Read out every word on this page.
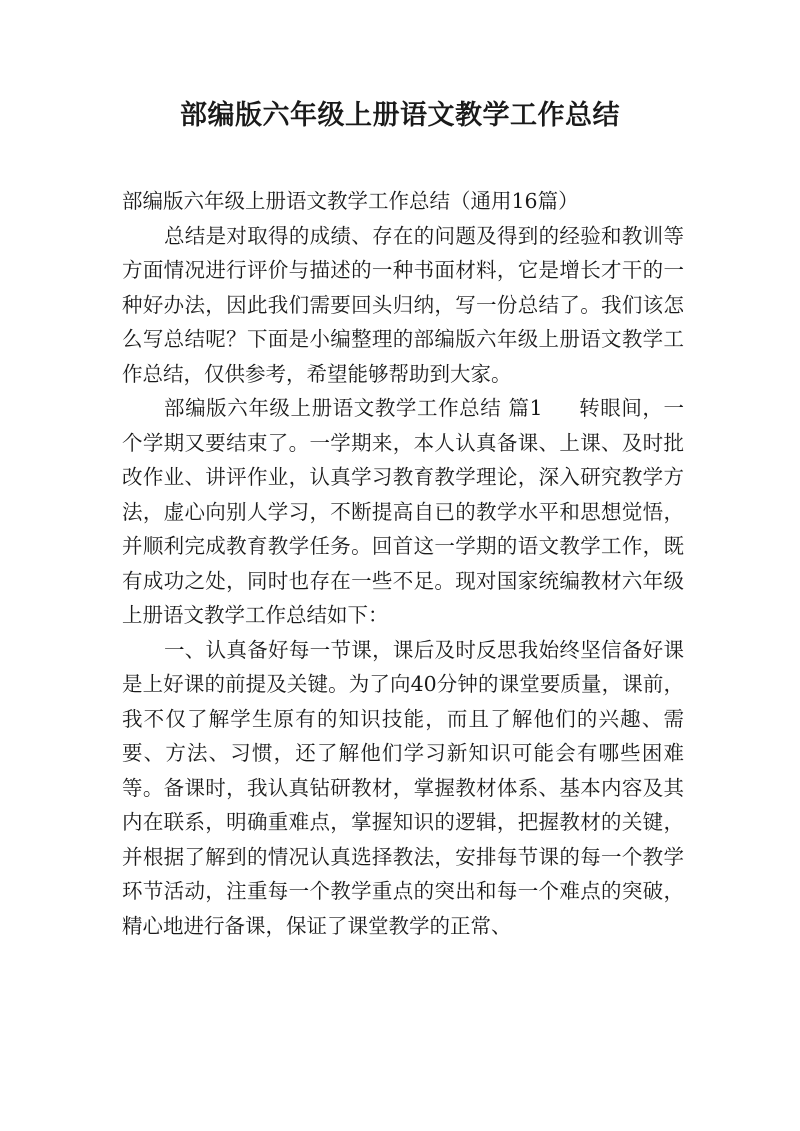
部编版六年级上册语文教学工作总结

部编版六年级上册语文教学工作总结（通用16篇）

总结是对取得的成绩、存在的问题及得到的经验和教训等方面情况进行评价与描述的一种书面材料，它是增长才干的一种好办法，因此我们需要回头归纳，写一份总结了。我们该怎么写总结呢？下面是小编整理的部编版六年级上册语文教学工作总结，仅供参考，希望能够帮助到大家。

部编版六年级上册语文教学工作总结 篇1 转眼间，一个学期又要结束了。一学期来，本人认真备课、上课、及时批改作业、讲评作业，认真学习教育教学理论，深入研究教学方法，虚心向别人学习，不断提高自已的教学水平和思想觉悟，并顺利完成教育教学任务。回首这一学期的语文教学工作，既有成功之处，同时也存在一些不足。现对国家统编教材六年级上册语文教学工作总结如下：

一、认真备好每一节课，课后及时反思我始终坚信备好课是上好课的前提及关键。为了向40分钟的课堂要质量，课前，我不仅了解学生原有的知识技能，而且了解他们的兴趣、需要、方法、习惯，还了解他们学习新知识可能会有哪些困难等。备课时，我认真钻研教材，掌握教材体系、基本内容及其内在联系，明确重难点，掌握知识的逻辑，把握教材的关键，并根据了解到的情况认真选择教法，安排每节课的每一个教学环节活动，注重每一个教学重点的突出和每一个难点的突破，精心地进行备课，保证了课堂教学的正常、
